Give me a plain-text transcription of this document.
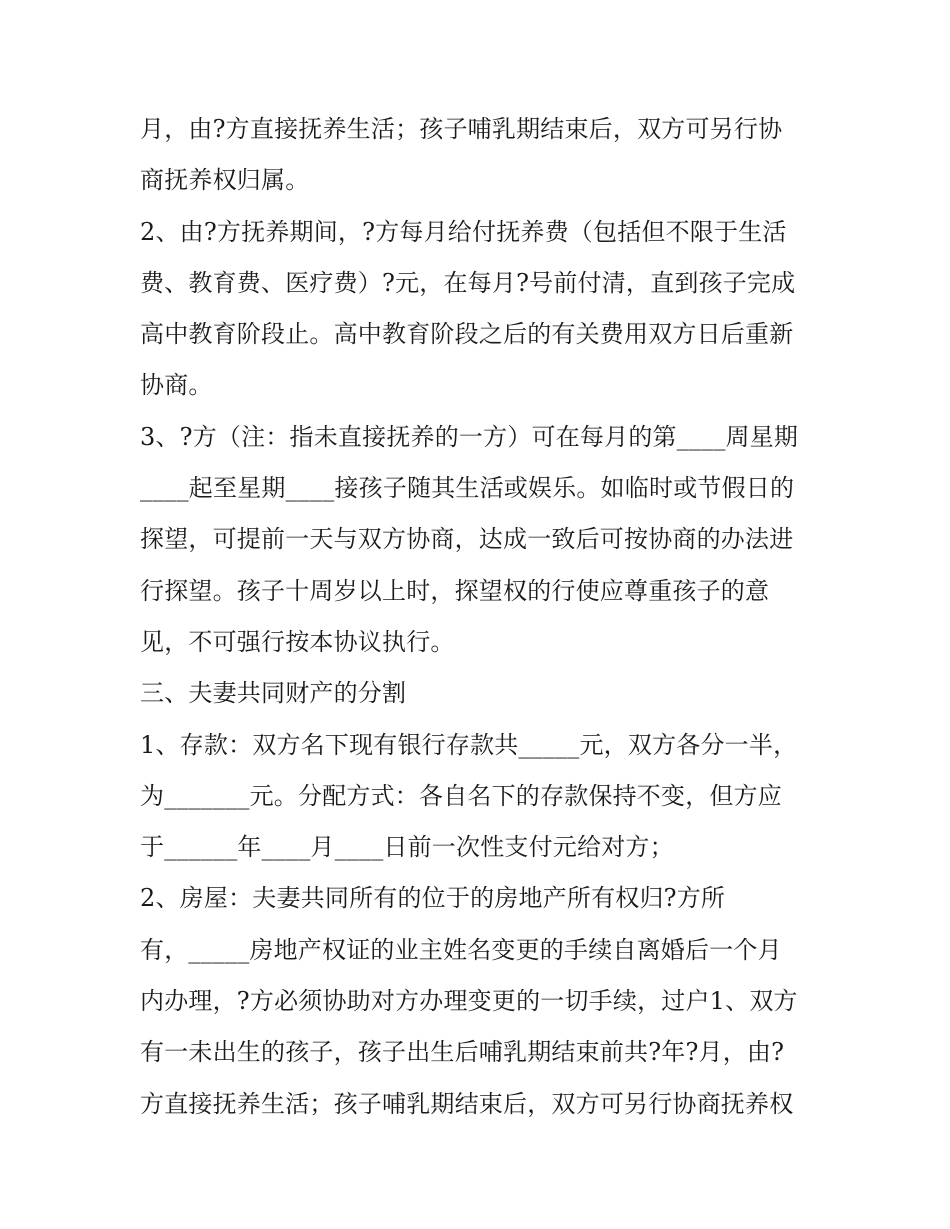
月，由?方直接抚养生活；孩子哺乳期结束后，双方可另行协
商抚养权归属。
2、由?方抚养期间，?方每月给付抚养费（包括但不限于生活
费、教育费、医疗费）?元，在每月?号前付清，直到孩子完成
高中教育阶段止。高中教育阶段之后的有关费用双方日后重新
协商。
3、?方（注：指未直接抚养的一方）可在每月的第____周星期
____起至星期____接孩子随其生活或娱乐。如临时或节假日的
探望，可提前一天与双方协商，达成一致后可按协商的办法进
行探望。孩子十周岁以上时，探望权的行使应尊重孩子的意
见，不可强行按本协议执行。
三、夫妻共同财产的分割
1、存款：双方名下现有银行存款共_____元，双方各分一半，
为_______元。分配方式：各自名下的存款保持不变，但方应
于______年____月____日前一次性支付元给对方；
2、房屋：夫妻共同所有的位于的房地产所有权归?方所
有，_____房地产权证的业主姓名变更的手续自离婚后一个月
内办理，?方必须协助对方办理变更的一切手续，过户1、双方
有一未出生的孩子，孩子出生后哺乳期结束前共?年?月，由?
方直接抚养生活；孩子哺乳期结束后，双方可另行协商抚养权
